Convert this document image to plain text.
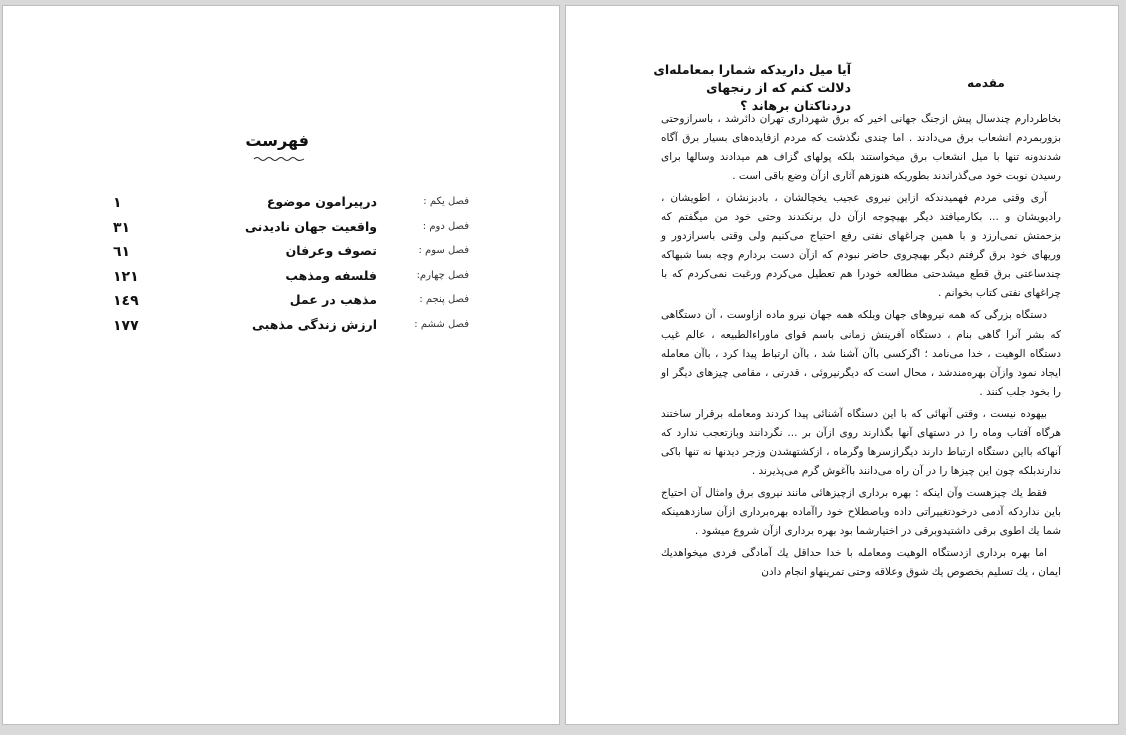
فهرست
١	درپیرامون موضوع	فصل یکم :
٣١	واقعیت جهان نادیدنی	فصل دوم :
٦١	تصوف وعرفان	فصل سوم :
١٢١	فلسفه ومذهب	فصل چهارم:
١٤٩	مذهب در عمل	فصل پنجم :
١٧٧	ارزش زندگی مذهبی	فصل ششم :
مقدمه
آیا میل داریدکه شمارا بمعامله‌ای دلالت کنم که از رنجهای دردناکتان برهاند ؟

بخاطردارم چندسال پیش ازجنگ جهانی اخیر که برق شهرداری تهران دائرشد ، باسرازوحتی بزوربمردم انشعاب برق می‌دادند . اما چندی نگذشت که مردم ازفایده‌های بسیار برق آگاه شدندونه تنها با میل انشعاب برق میخواستند بلکه پولهای گزاف هم میدادند وسالها برای رسیدن نوبت خود می‌گذراندند بطوریکه هنوزهم آثاری ازآن وضع باقی است .

آری وقتی مردم فهمیدندکه ازاین نیروی عجیب یخچالشان ، بادبزنشان ، اطویشان ، رادیویشان و ... بکارمیافتد دیگر بهیچوجه ازآن دل برنکندند وحتی خود من میگفتم که بزحمتش نمی‌ارزد و با همین چراغهای نفتی رفع احتیاج می‌کنیم ولی وقتی باسرازدور و وریهای خود برق گرفتم دیگر بهیچروی حاضر نبودم که ازآن دست بردارم وچه بسا شبهاکه چندساعتی برق قطع میشدحتی مطالعه خودرا هم تعطیل می‌کردم ورغبت نمی‌کردم که با چراغهای نفتی کتاب بخوانم .

دستگاه بزرگی که همه نیروهای جهان وبلکه همه جهان نیرو ماده ازاوست ، آن دستگاهی که بشر آنرا گاهی بنام ، دستگاه آفرینش زمانی باسم قوای ماوراءالطبیعه ، عالم غیب دستگاه الوهیت ، خدا می‌نامد ؛ اگرکسی باآن آشنا شد ، باآن ارتباط پیدا کرد ، باآن معامله ایجاد نمود وازآن بهره‌مندشد ، محال است که دیگرنیروئی ، قدرتی ، مقامی چیزهای دیگر او را بخود جلب کنند .

بیهوده نیست ، وقتی آنهائی که با این دستگاه آشنائی پیدا کردند ومعامله برقرار ساختند هرگاه آفتاب وماه را در دستهای آنها بگذارند روی ازآن بر ... نگردانند وبازتعجب ندارد که آنهاکه بااین دستگاه ارتباط دارند دیگرازسرها وگرماه ، ازکشتهشدن وزجر دیدنها نه تنها باکی ندارندبلکه چون این چیزها را در آن راه می‌دانند باآغوش گرم می‌پذیرند .

فقط یك چیزهست وآن اینکه : بهره برداری ازچیزهائی مانند نیروی برق وامثال آن احتیاج باین نداردکه آدمی درخودتغییراتی داده وباصطلاح خود راآماده بهره‌برداری ازآن سازدهمینکه شما یك اطوی برقی داشتیدوبرقی در اختیارشما بود بهره برداری ازآن شروع میشود .

اما بهره برداری ازدستگاه الوهیت ومعامله با خدا حداقل یك آمادگی فردی میخواهدیك ایمان ، یك تسلیم بخصوص یك شوق وعلاقه وحتی تمرینهاو انجام دادن
